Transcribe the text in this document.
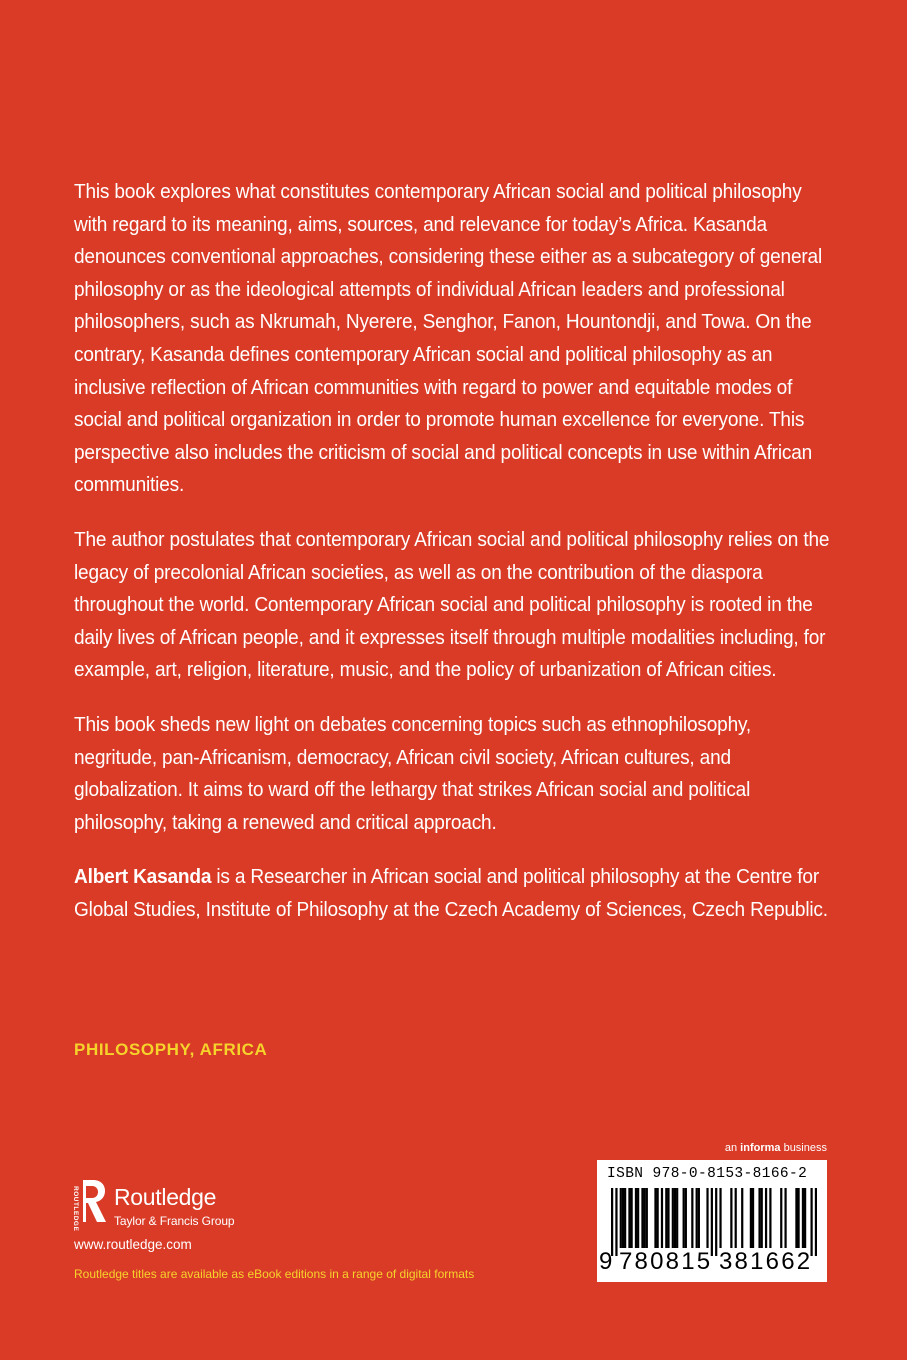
This book explores what constitutes contemporary African social and political philosophy with regard to its meaning, aims, sources, and relevance for today’s Africa. Kasanda denounces conventional approaches, considering these either as a subcategory of general philosophy or as the ideological attempts of individual African leaders and professional philosophers, such as Nkrumah, Nyerere, Senghor, Fanon, Hountondji, and Towa. On the contrary, Kasanda defines contemporary African social and political philosophy as an inclusive reflection of African communities with regard to power and equitable modes of social and political organization in order to promote human excellence for everyone. This perspective also includes the criticism of social and political concepts in use within African communities.

The author postulates that contemporary African social and political philosophy relies on the legacy of precolonial African societies, as well as on the contribution of the diaspora throughout the world. Contemporary African social and political philosophy is rooted in the daily lives of African people, and it expresses itself through multiple modalities including, for example, art, religion, literature, music, and the policy of urbanization of African cities.

This book sheds new light on debates concerning topics such as ethnophilosophy, negritude, pan-Africanism, democracy, African civil society, African cultures, and globalization. It aims to ward off the lethargy that strikes African social and political philosophy, taking a renewed and critical approach.

Albert Kasanda is a Researcher in African social and political philosophy at the Centre for Global Studies, Institute of Philosophy at the Czech Academy of Sciences, Czech Republic.

PHILOSOPHY, AFRICA
ROUTLEDGE Routledge
Taylor & Francis Group
www.routledge.com
Routledge titles are available as eBook editions in a range of digital formats
an informa business
ISBN 978-0-8153-8166-2
9 780815 381662
